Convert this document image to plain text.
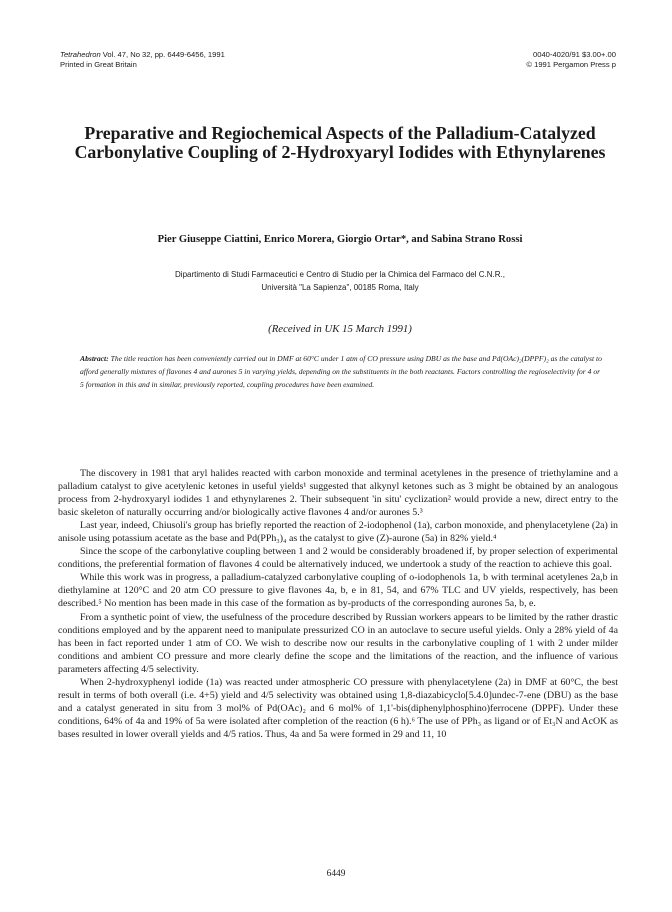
Tetrahedron Vol. 47, No 32, pp. 6449-6456, 1991
Printed in Great Britain
0040-4020/91 $3.00+.00
© 1991 Pergamon Press p
Preparative and Regiochemical Aspects of the Palladium-Catalyzed Carbonylative Coupling of 2-Hydroxyaryl Iodides with Ethynylarenes
Pier Giuseppe Ciattini, Enrico Morera, Giorgio Ortar*, and Sabina Strano Rossi
Dipartimento di Studi Farmaceutici e Centro di Studio per la Chimica del Farmaco del C.N.R.,
Università "La Sapienza", 00185 Roma, Italy
(Received in UK 15 March 1991)
Abstract: The title reaction has been conveniently carried out in DMF at 60°C under 1 atm of CO pressure using DBU as the base and Pd(OAc)₂(DPPF)₂ as the catalyst to afford generally mixtures of flavones 4 and aurones 5 in varying yields, depending on the substituents in the both reactants. Factors controlling the regioselectivity for 4 or 5 formation in this and in similar, previously reported, coupling procedures have been examined.

The discovery in 1981 that aryl halides reacted with carbon monoxide and terminal acetylenes in the presence of triethylamine and a palladium catalyst to give acetylenic ketones in useful yields¹ suggested that alkynyl ketones such as 3 might be obtained by an analogous process from 2-hydroxyaryl iodides 1 and ethynylarenes 2. Their subsequent 'in situ' cyclization² would provide a new, direct entry to the basic skeleton of naturally occurring and/or biologically active flavones 4 and/or aurones 5.³

Last year, indeed, Chiusoli's group has briefly reported the reaction of 2-iodophenol (1a), carbon monoxide, and phenylacetylene (2a) in anisole using potassium acetate as the base and Pd(PPh₃)₄ as the catalyst to give (Z)-aurone (5a) in 82% yield.⁴

Since the scope of the carbonylative coupling between 1 and 2 would be considerably broadened if, by proper selection of experimental conditions, the preferential formation of flavones 4 could be alternatively induced, we undertook a study of the reaction to achieve this goal.

While this work was in progress, a palladium-catalyzed carbonylative coupling of o-iodophenols 1a, b with terminal acetylenes 2a,b in diethylamine at 120°C and 20 atm CO pressure to give flavones 4a, b, e in 81, 54, and 67% TLC and UV yields, respectively, has been described.⁵ No mention has been made in this case of the formation as by-products of the corresponding aurones 5a, b, e.

From a synthetic point of view, the usefulness of the procedure described by Russian workers appears to be limited by the rather drastic conditions employed and by the apparent need to manipulate pressurized CO in an autoclave to secure useful yields. Only a 28% yield of 4a has been in fact reported under 1 atm of CO. We wish to describe now our results in the carbonylative coupling of 1 with 2 under milder conditions and ambient CO pressure and more clearly define the scope and the limitations of the reaction, and the influence of various parameters affecting 4/5 selectivity.

When 2-hydroxyphenyl iodide (1a) was reacted under atmospheric CO pressure with phenylacetylene (2a) in DMF at 60°C, the best result in terms of both overall (i.e. 4+5) yield and 4/5 selectivity was obtained using 1,8-diazabicyclo[5.4.0]undec-7-ene (DBU) as the base and a catalyst generated in situ from 3 mol% of Pd(OAc)₂ and 6 mol% of 1,1'-bis(diphenylphosphino)ferrocene (DPPF). Under these conditions, 64% of 4a and 19% of 5a were isolated after completion of the reaction (6 h).⁶ The use of PPh₃ as ligand or of Et₃N and AcOK as bases resulted in lower overall yields and 4/5 ratios. Thus, 4a and 5a were formed in 29 and 11, 10

6449
